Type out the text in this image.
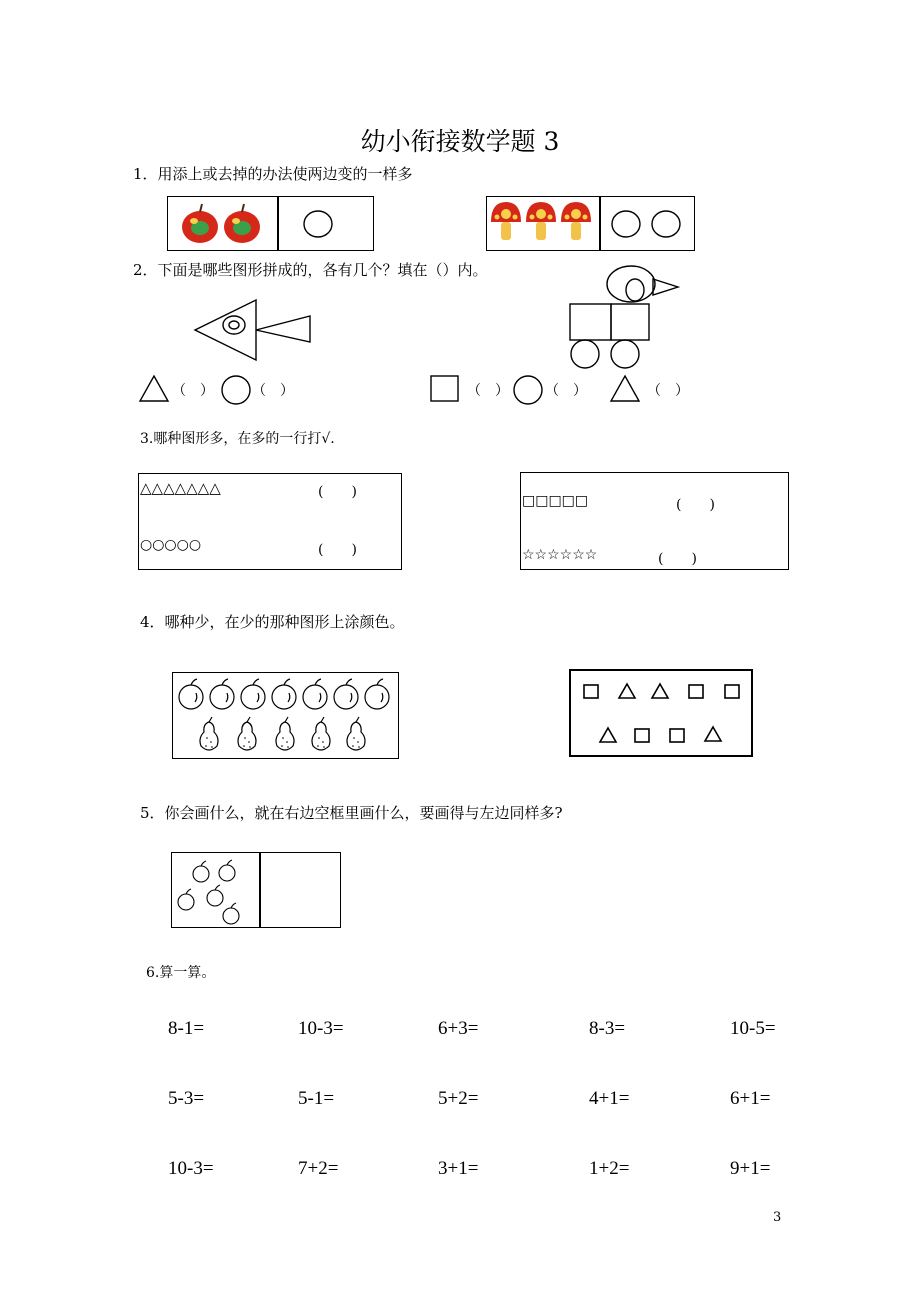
幼小衔接数学题 3
1．用添上或去掉的办法使两边变的一样多
2．下面是哪些图形拼成的，各有几个？填在（）内。
（　）	（　）	（　）	（　）	（　）
3.哪种图形多，在多的一行打√.
△△△△△△△	(　　)
○○○○○	(　　)
□□□□□	(　　)
☆☆☆☆☆☆	(　　)
4．哪种少，在少的那种图形上涂颜色。
5．你会画什么，就在右边空框里画什么，要画得与左边同样多?
6.算一算。
8-1=	10-3=	6+3=	8-3=	10-5=
5-3=	5-1=	5+2=	4+1=	6+1=
10-3=	7+2=	3+1=	1+2=	9+1=
3
